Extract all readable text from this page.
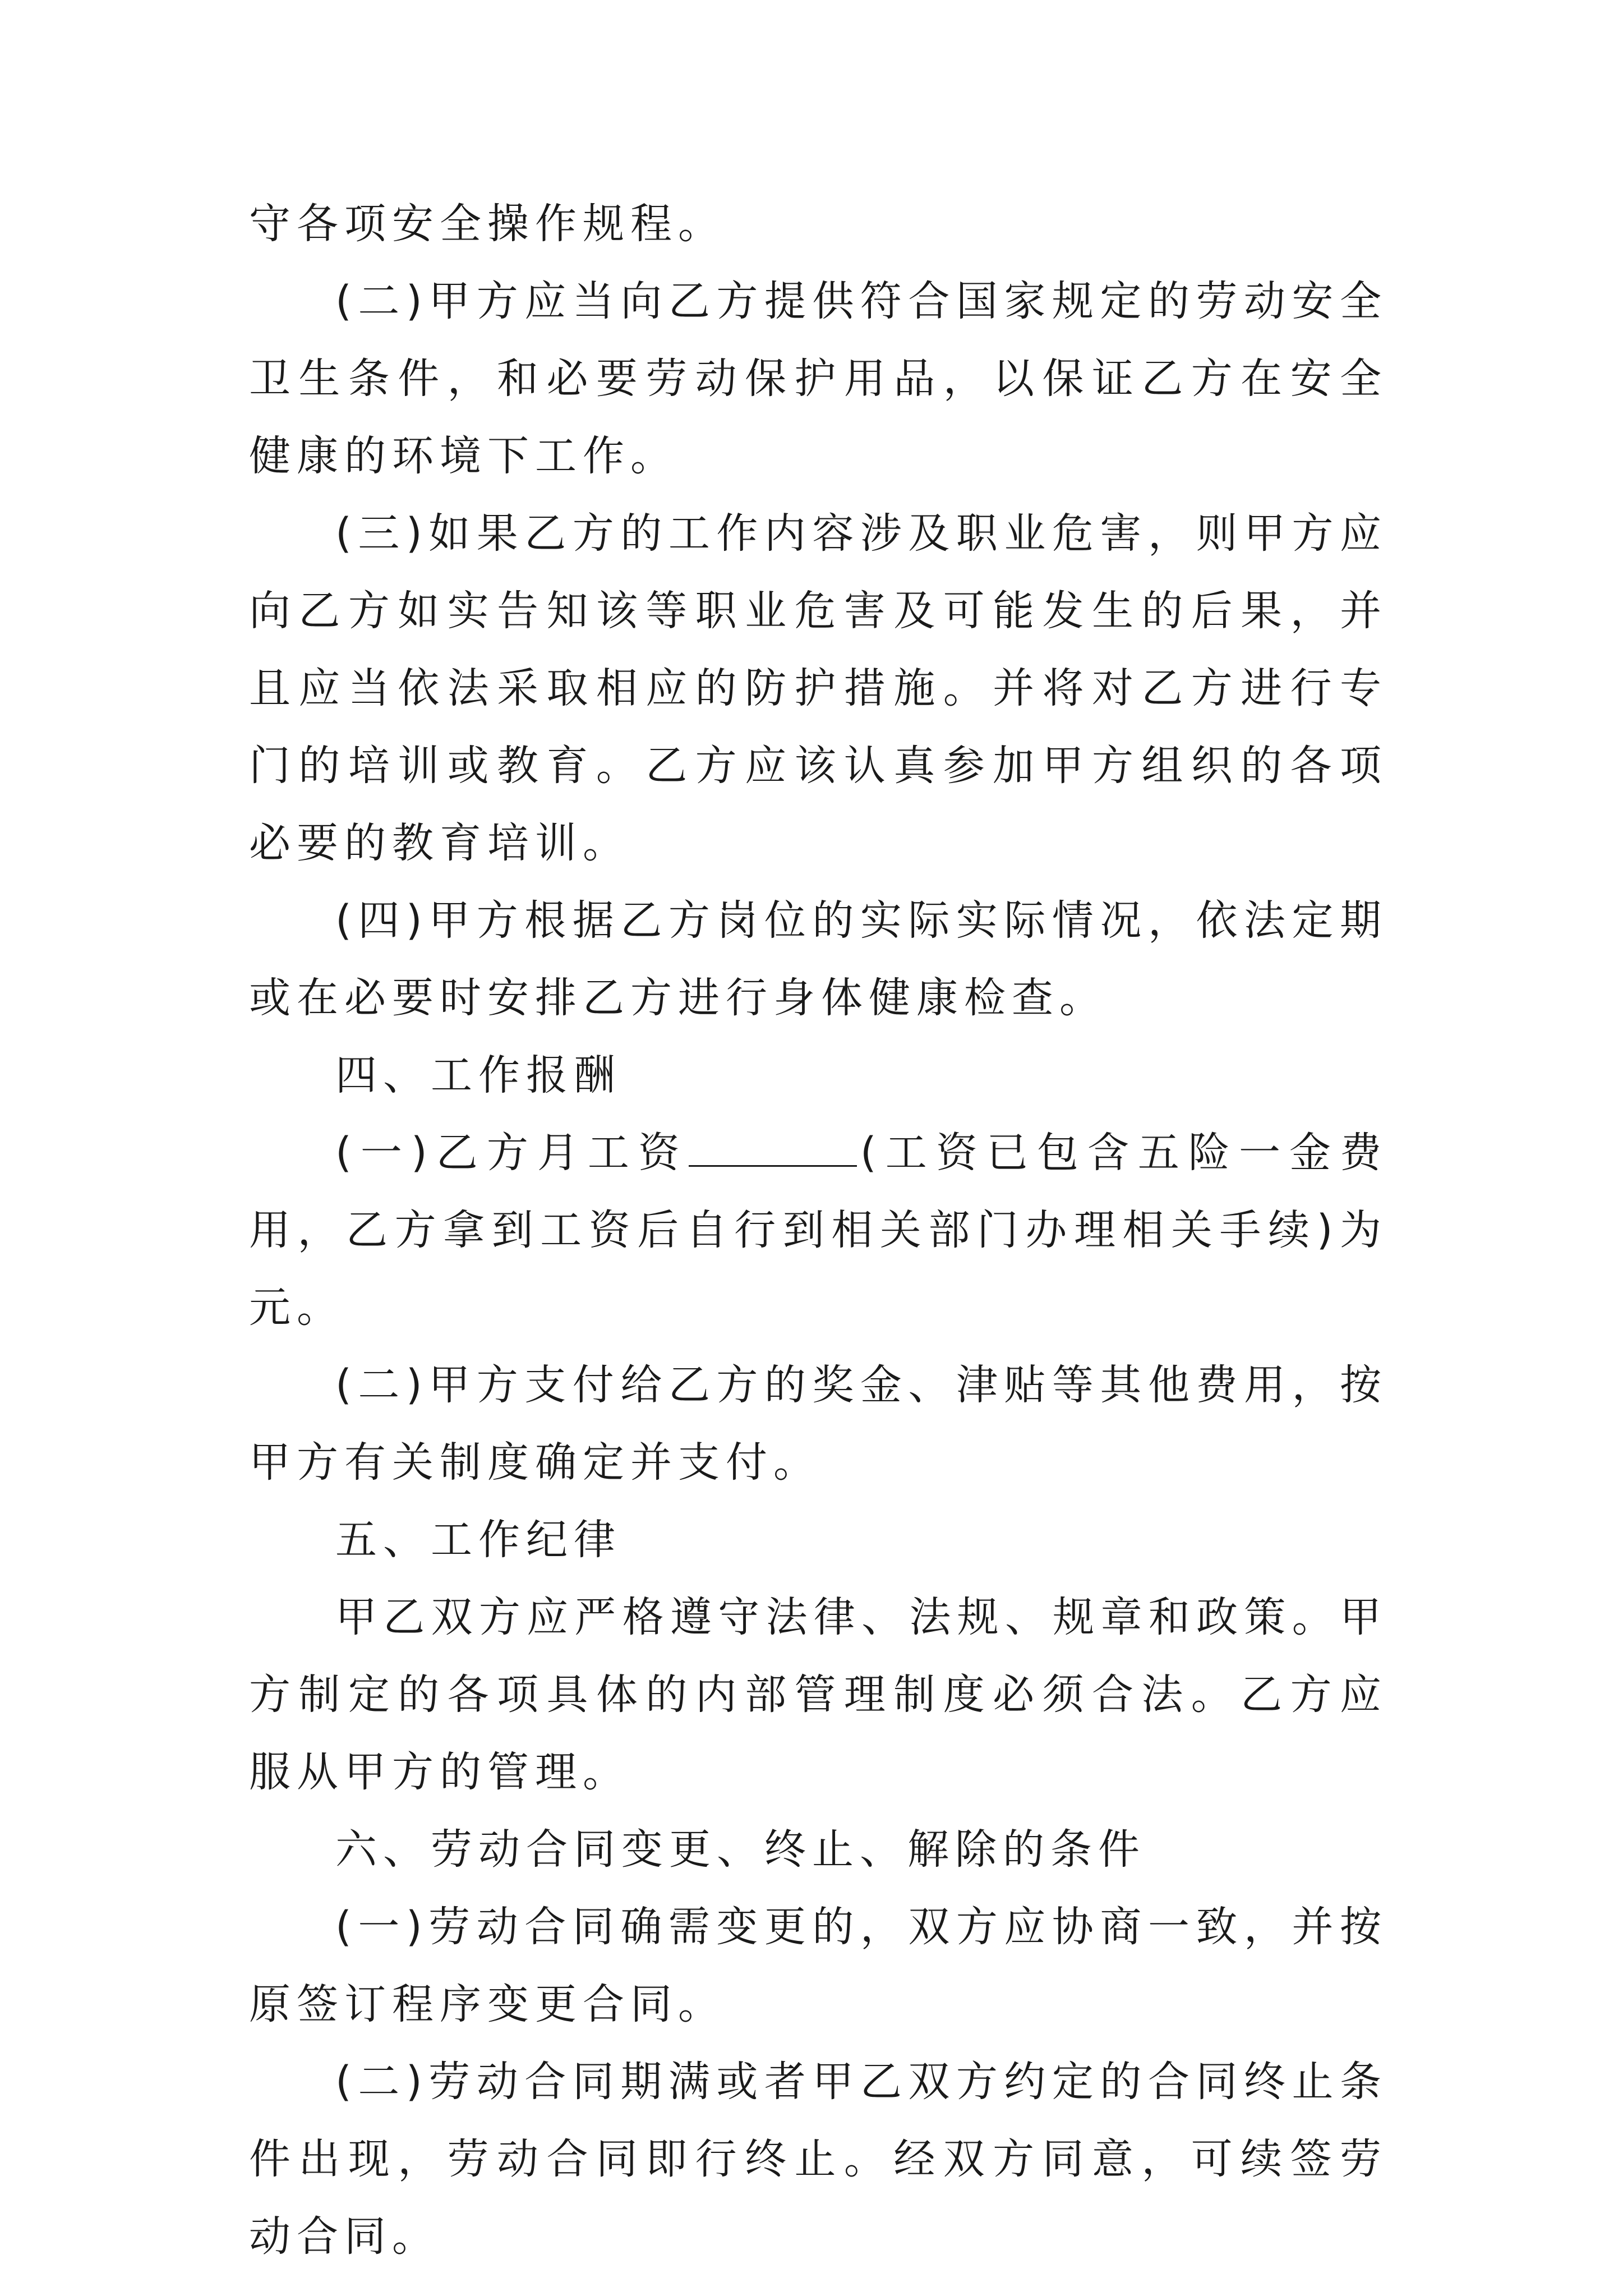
守各项安全操作规程。

(二)甲方应当向乙方提供符合国家规定的劳动安全卫生条件，和必要劳动保护用品，以保证乙方在安全健康的环境下工作。

(三)如果乙方的工作内容涉及职业危害，则甲方应向乙方如实告知该等职业危害及可能发生的后果，并且应当依法采取相应的防护措施。并将对乙方进行专门的培训或教育。乙方应该认真参加甲方组织的各项必要的教育培训。

(四)甲方根据乙方岗位的实际实际情况，依法定期或在必要时安排乙方进行身体健康检查。

四、工作报酬

(一)乙方月工资	(工资已包含五险一金费用，乙方拿到工资后自行到相关部门办理相关手续)为元。

(二)甲方支付给乙方的奖金、津贴等其他费用，按甲方有关制度确定并支付。

五、工作纪律

甲乙双方应严格遵守法律、法规、规章和政策。甲方制定的各项具体的内部管理制度必须合法。乙方应服从甲方的管理。

六、劳动合同变更、终止、解除的条件

(一)劳动合同确需变更的，双方应协商一致，并按原签订程序变更合同。

(二)劳动合同期满或者甲乙双方约定的合同终止条件出现，劳动合同即行终止。经双方同意，可续签劳动合同。
